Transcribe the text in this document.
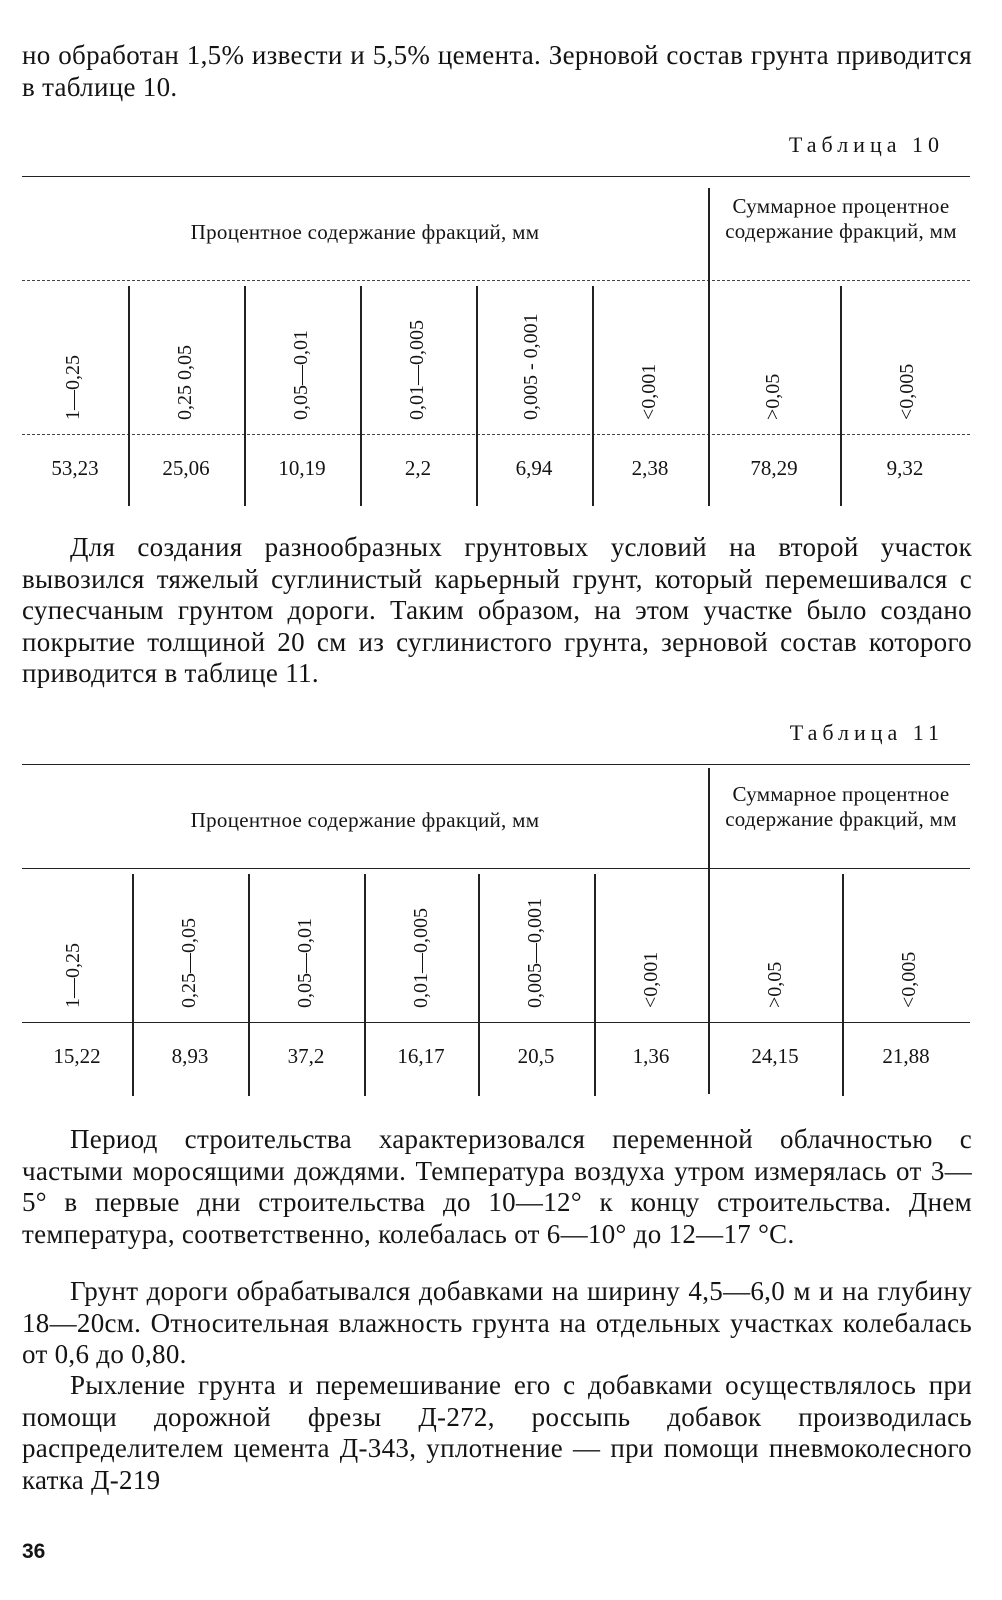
но обработан 1,5% извести и 5,5% цемента. Зерновой состав грунта приводится в таблице 10.
Таблица 10
Процентное содержание фракций, мм
Суммарное процентное содержание фракций, мм
1—0,25	0,25 0,05	0,05—0,01	0,01—0,005	0,005 - 0,001	<0,001	>0,05	<0,005
53,23	25,06	10,19	2,2	6,94	2,38	78,29	9,32
Для создания разнообразных грунтовых условий на второй участок вывозился тяжелый суглинистый карьерный грунт, который перемешивался с супесчаным грунтом дороги. Таким образом, на этом участке было создано покрытие толщиной 20 см из суглинистого грунта, зерновой состав которого приводится в таблице 11.
Таблица 11
Процентное содержание фракций, мм
Суммарное процентное содержание фракций, мм
1—0,25	0,25—0,05	0,05—0,01	0,01—0,005	0,005—0,001	<0,001	>0,05	<0,005
15,22	8,93	37,2	16,17	20,5	1,36	24,15	21,88
Период строительства характеризовался переменной облачностью с частыми моросящими дождями. Температура воздуха утром измерялась от 3—5° в первые дни строительства до 10—12° к концу строительства. Днем температура, соответственно, колебалась от 6—10° до 12—17 °С.
Грунт дороги обрабатывался добавками на ширину 4,5—6,0 м и на глубину 18—20см. Относительная влажность грунта на отдельных участках колебалась от 0,6 до 0,80.
Рыхление грунта и перемешивание его с добавками осуществлялось при помощи дорожной фрезы Д-272, россыпь добавок производилась распределителем цемента Д-343, уплотнение — при помощи пневмоколесного катка Д-219
36
